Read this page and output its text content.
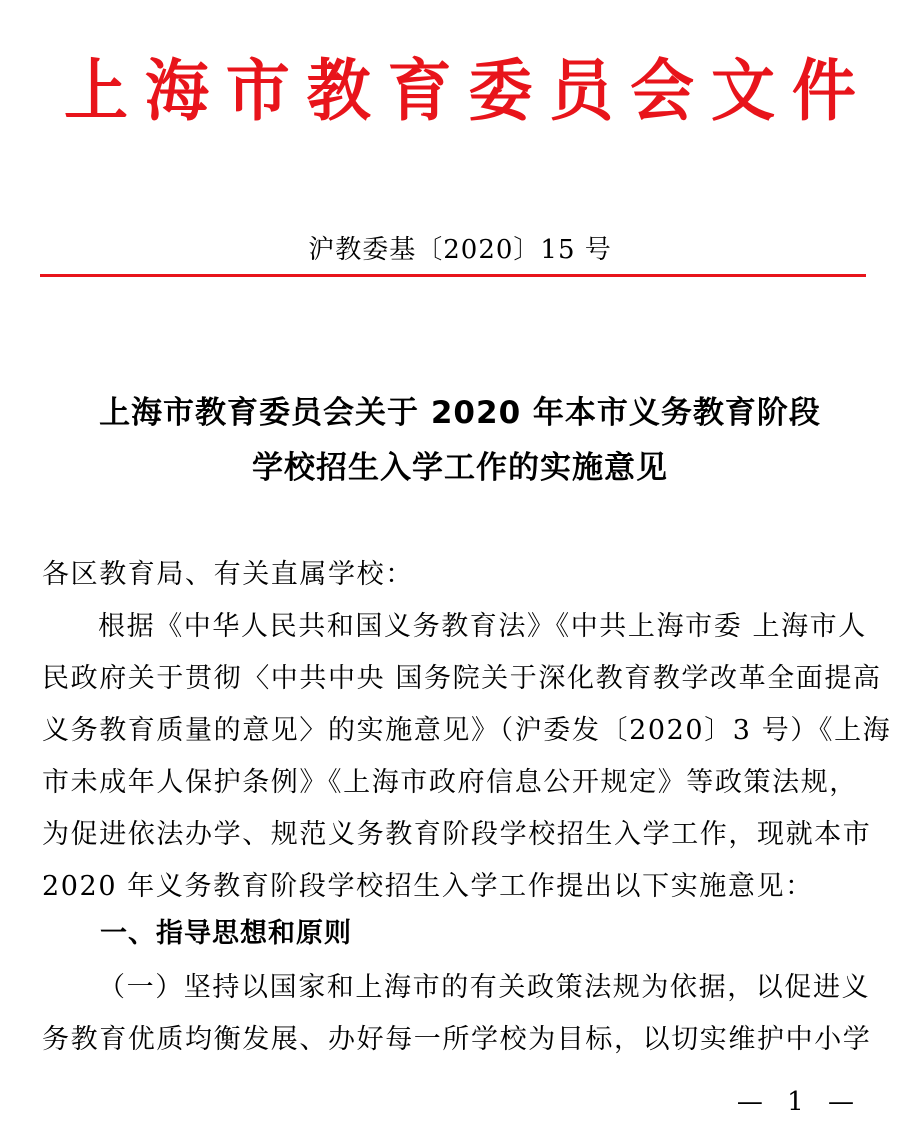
上 海 市 教 育 委 员 会 文 件
沪教委基〔2020〕15 号
上海市教育委员会关于 2020 年本市义务教育阶段
学校招生入学工作的实施意见
各区教育局、有关直属学校：
根据《中华人民共和国义务教育法》《中共上海市委 上海市人
民政府关于贯彻〈中共中央 国务院关于深化教育教学改革全面提高
义务教育质量的意见〉的实施意见》（沪委发〔2020〕3 号）《上海
市未成年人保护条例》《上海市政府信息公开规定》等政策法规，
为促进依法办学、规范义务教育阶段学校招生入学工作，现就本市
2020 年义务教育阶段学校招生入学工作提出以下实施意见：
一、指导思想和原则
（一）坚持以国家和上海市的有关政策法规为依据，以促进义
务教育优质均衡发展、办好每一所学校为目标，以切实维护中小学
— 1 —
